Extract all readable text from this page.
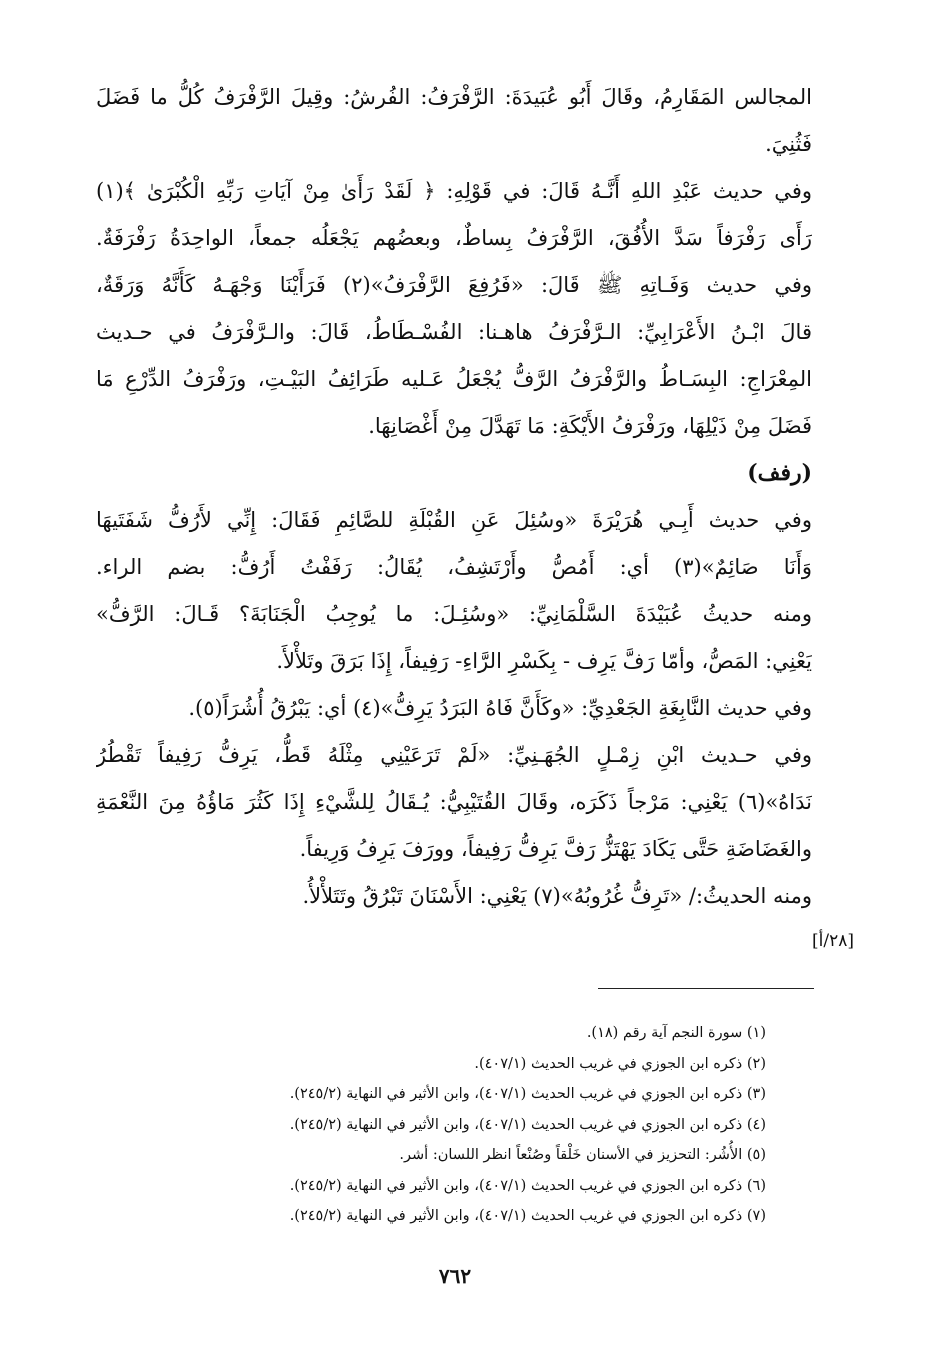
المجالس المَقَارِمُ، وقَالَ أَبُو عُبَيدَةَ: الرَّفْرَفُ: الفُرشُ: وقِيلَ الرَّفْرَفُ كُلُّ ما فَضَلَ
فَثُنِيَ.
وفي حديث عَبْدِ اللهِ أَنَّـهُ قَالَ: في قَوْلِهِ: ﴿ لَقَدْ رَأَىٰ مِنْ آيَاتِ رَبِّهِ الْكُبْرَىٰ ﴾(١)
رَأَى رَفْرَفاً سَدَّ الأُفُقَ، الرَّفْرَفُ بِساطٌ، وبعضُهم يَجْعَلُه جمعاً، الواحِدَةُ رَفْرَفَةٌ.
وفي حديث وَفَـاتِهِ ﷺ قَالَ: «فَرُفِعَ الرَّفْرَفُ»(٢) فَرَأَيْنَا وَجْهَـهُ كَأَنَّهُ وَرَقَةٌ،
قالَ ابْـنُ الأَعْرَابِيِّ: الـرَّفْرَفُ هاهـنا: الفُسْـطَاطُ، قَالَ: والـرَّفْرَفُ في حـديث
المِعْرَاجِ: البِسَـاطُ والرَّفْرَفُ الرَّفُّ يُجْعَلُ عَـليه طَرَائِفُ البَيْـتِ، ورَفْرَفُ الدِّرْعِ مَا
فَضَلَ مِنْ ذَيْلِهَا، ورَفْرَفُ الأَيْكَةِ: مَا تَهَدَّلَ مِنْ أَغْصَانِهَا.
(رفف)
وفي حديث أَبِـي هُرَيْرَةَ «وسُئِلَ عَنِ القُبْلَةِ للصَّائِمِ فَقَالَ: إِنِّي لأَرُفُّ شَفَتَيهَا
وَأَنَا صَائِمٌ»(٣) أي: أَمُصُّ وأَرْتَشِفُ، يُقَالُ: رَفَفْتُ أَرُفُّ: بضم الراء.
ومنه حديثُ عُبَيْدَةَ السَّلْمَانِيِّ: «وسُئِـلَ: ما يُوجِبُ الْجَنَابَةَ؟ قَـالَ: الرَّفُّ»
يَعْنِي: المَصُّ، وأمّا رَفَّ يَرِف - بِكَسْرِ الرَّاءِ- رَفِيفاً، إِذَا بَرَقَ وتَلأْلأَ.
وفي حديث النَّابِغَةِ الجَعْدِيِّ: «وكَأَنَّ فَاهُ البَرَدُ يَرِفُّ»(٤) أي: يَبْرُقُ أُشُرَاً(٥).
وفي حـديث ابْنِ زِمْـلٍ الجُهَـنِيِّ: «لَمْ تَرَعَيْنِي مِثْلَهُ قَطُّ، يَرِفُّ رَفِيفاً تَقْطُرُ
نَدَاهُ»(٦) يَعْنِي: مَرْجاً ذَكَرَه، وقَالَ القُتَيْبِيُّ: يُـقَالُ لِلشَّيْءِ إِذَا كَثُرَ مَاؤُهُ مِنَ النَّعْمَةِ
والغَضَاضَةِ حَتَّى يَكَادَ يَهْتَزُّ رَفَّ يَرِفُّ رَفِيفاً، وورَفَ يَرِفُ وَرِيفاً.
ومنه الحديثُ:/ «تَرِفُّ غُرُوبُهُ»(٧) يَعْنِي: الأَسْنَانَ تَبْرُقُ وتَتَلأْلأُ.
[٢٨/أ]
(١) سورة النجم آية رقم (١٨).
(٢) ذكره ابن الجوزي في غريب الحديث (٤٠٧/١).
(٣) ذكره ابن الجوزي في غريب الحديث (٤٠٧/١)، وابن الأثير في النهاية (٢٤٥/٢).
(٤) ذكره ابن الجوزي في غريب الحديث (٤٠٧/١)، وابن الأثير في النهاية (٢٤٥/٢).
(٥) الأُشُر: التحزيز في الأسنان خَلْقاً وصُنْعاً انظر اللسان: أشر.
(٦) ذكره ابن الجوزي في غريب الحديث (٤٠٧/١)، وابن الأثير في النهاية (٢٤٥/٢).
(٧) ذكره ابن الجوزي في غريب الحديث (٤٠٧/١)، وابن الأثير في النهاية (٢٤٥/٢).
٧٦٢
